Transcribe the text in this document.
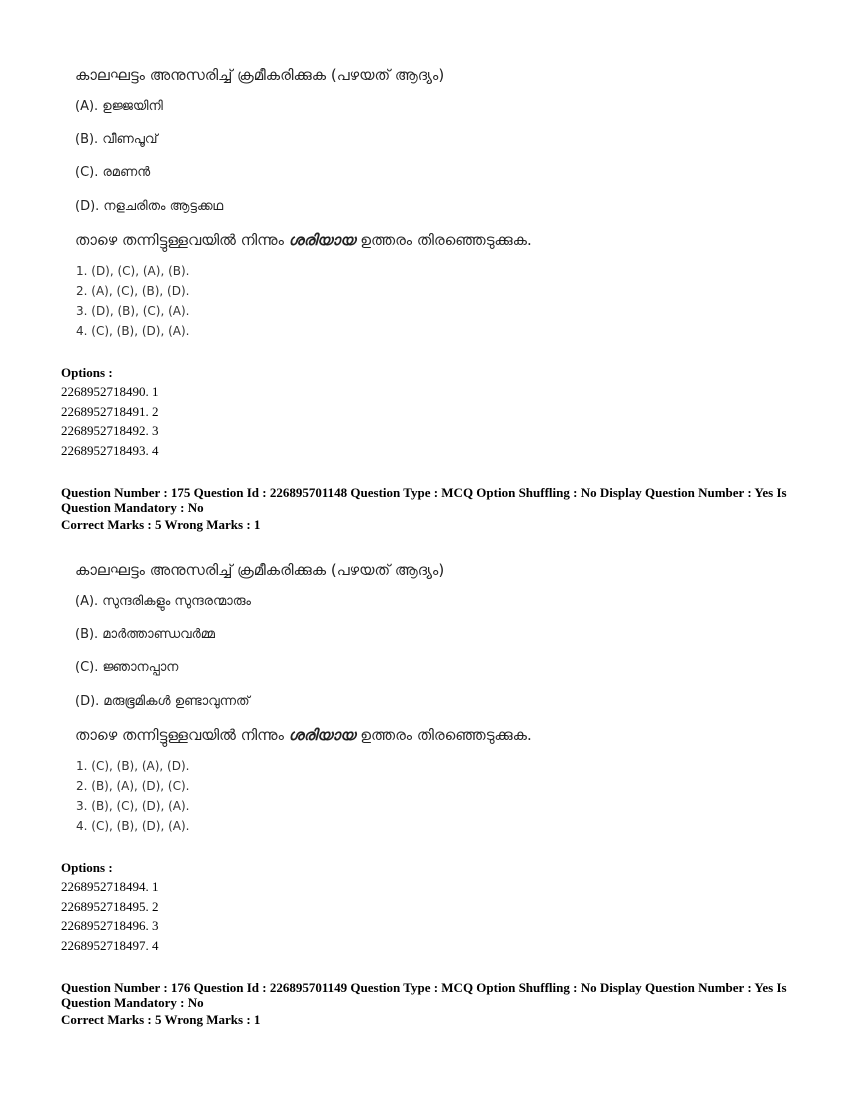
കാലഘട്ടം അനുസരിച്ച് ക്രമീകരിക്കുക (പഴയത് ആദ്യം)
(A). ഉജ്ജയിനി
(B). വീണപൂവ്
(C). രമണൻ
(D). നളചരിതം ആട്ടക്കഥ
താഴെ തന്നിട്ടുള്ളവയിൽ നിന്നും ശരിയായ ഉത്തരം തിരഞ്ഞെടുക്കുക.
1. (D), (C), (A), (B).
2. (A), (C), (B), (D).
3. (D), (B), (C), (A).
4. (C), (B), (D), (A).
Options :
2268952718490. 1
2268952718491. 2
2268952718492. 3
2268952718493. 4
Question Number : 175 Question Id : 226895701148 Question Type : MCQ Option Shuffling : No Display Question Number : Yes Is
Question Mandatory : No
Correct Marks : 5 Wrong Marks : 1
കാലഘട്ടം അനുസരിച്ച് ക്രമീകരിക്കുക (പഴയത് ആദ്യം)
(A). സുന്ദരികളും സുന്ദരന്മാരും
(B). മാർത്താണ്ഡവർമ്മ
(C). ജ്ഞാനപ്പാന
(D). മരുഭൂമികൾ ഉണ്ടാവുന്നത്
താഴെ തന്നിട്ടുള്ളവയിൽ നിന്നും ശരിയായ ഉത്തരം തിരഞ്ഞെടുക്കുക.
1. (C), (B), (A), (D).
2. (B), (A), (D), (C).
3. (B), (C), (D), (A).
4. (C), (B), (D), (A).
Options :
2268952718494. 1
2268952718495. 2
2268952718496. 3
2268952718497. 4
Question Number : 176 Question Id : 226895701149 Question Type : MCQ Option Shuffling : No Display Question Number : Yes Is
Question Mandatory : No
Correct Marks : 5 Wrong Marks : 1
